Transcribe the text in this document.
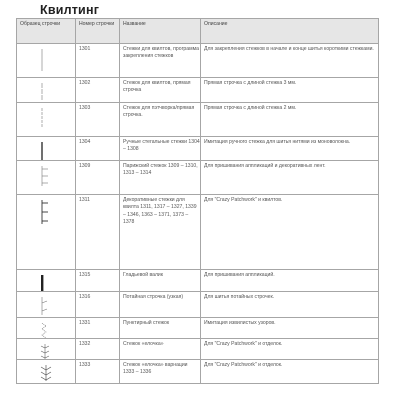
Квилтинг
Образец строчки	Номер строчки	Название	Описание

	1301	Стежки для квилтов, программа закрепления стежков	Для закрепления стежков в начале и конце шитья короткими стежками.

	1302	Стежок для квилтов, прямая строчка	Прямая строчка с длиной стежка 3 мм.

	1303	Стежок для пэтчворка/прямая строчка.	Прямая строчка с длиной стежка 2 мм.

	1304	Ручные стегальные стежки 1304 – 1308	Имитация ручного стежка для шитья нитями из моноволокна.

	1309	Парижский стежок 1309 – 1310, 1313 – 1314	Для пришивания аппликаций и декоративных лент.

	1311	Декоративные стежки для квилта 1311, 1317 – 1327, 1339 – 1346, 1363 – 1371, 1373 – 1378	Для "Crazy Patchwork" и квилтов.

	1315	Гладьевой валик	Для пришивания аппликаций.

	1316	Потайная строчка (узкая)	Для шитья потайных строчек.

	1331	Пунктирный стежок	Имитация извилистых узоров.

	1332	Стежок «елочка»	Для "Crazy Patchwork" и отделок.

	1333	Стежок «елочка» варнации 1333 – 1336	Для "Crazy Patchwork" и отделок.
